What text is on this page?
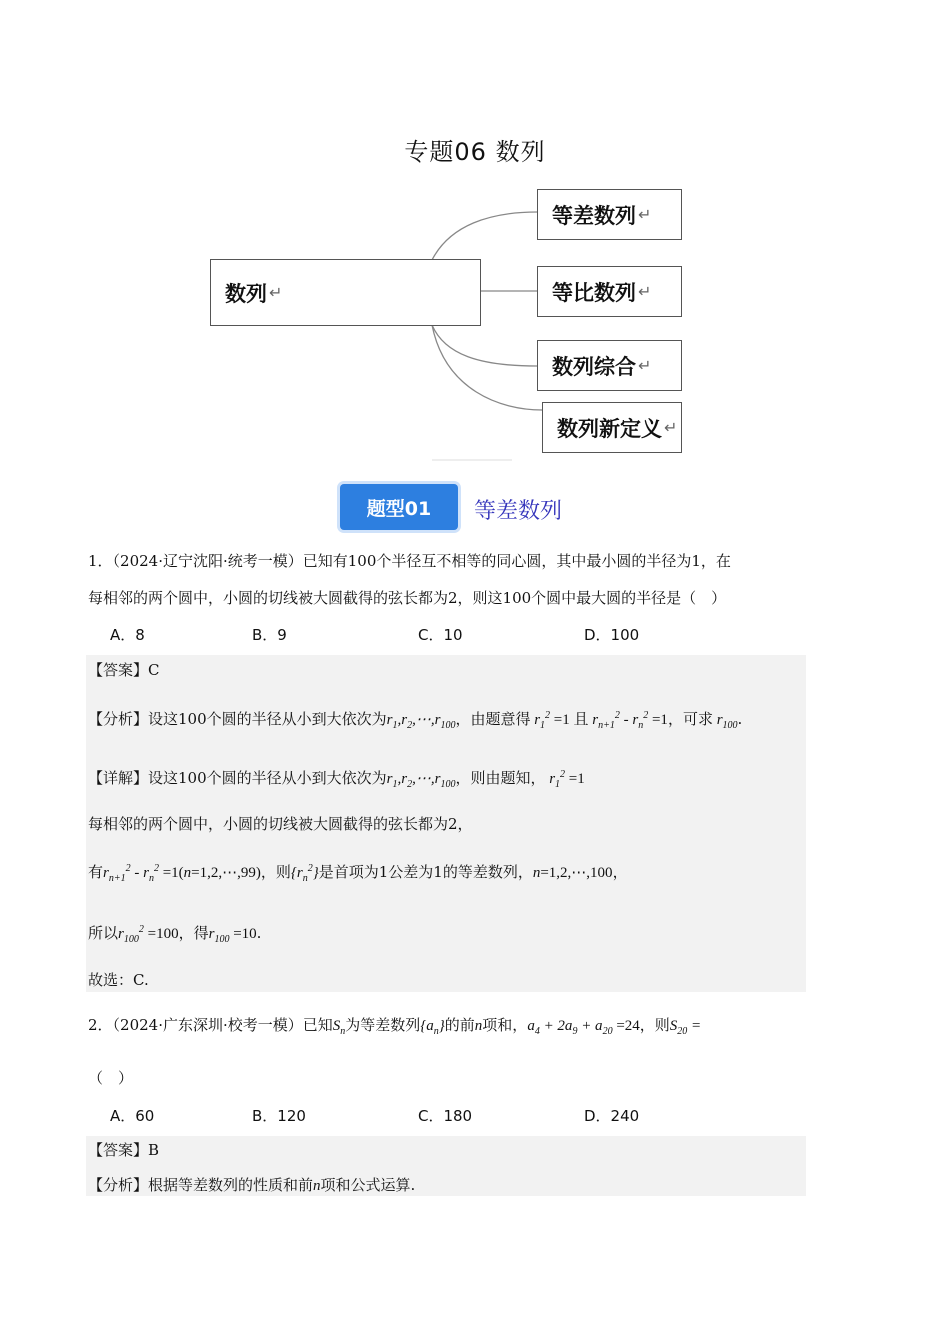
专题06 数列
数列 ↵
等差数列 ↵
等比数列 ↵
数列综合 ↵
数列新定义 ↵
题型01	等差数列
1．（2024·辽宁沈阳·统考一模）已知有100个半径互不相等的同心圆，其中最小圆的半径为1，在
每相邻的两个圆中，小圆的切线被大圆截得的弦长都为2，则这100个圆中最大圆的半径是（　）
A．8	B．9	C．10	D．100
【答案】C
【分析】设这100个圆的半径从小到大依次为$r_1,r_2,\cdots,r_{100}$，由题意得 $r_1^2 =1$ 且 $r_{n+1}^2 - r_n^2 =1$，可求 $r_{100}$.
【详解】设这100个圆的半径从小到大依次为$r_1,r_2,\cdots,r_{100}$，则由题知， $r_1^2 =1$
每相邻的两个圆中，小圆的切线被大圆截得的弦长都为2，
有$r_{n+1}^2 - r_n^2$ =1(n=1,2,⋯,99)，则$\{r_n^2\}$是首项为1公差为1的等差数列，n=1,2,⋯,100，
所以$r_{100}^2 =100$，得$r_{100} =10$.
故选：C.
2．（2024·广东深圳·校考一模）已知$S_n$为等差数列$\{a_n\}$的前n项和，$a_4 + 2a_9 + a_{20} =24$，则$S_{20}$ =
（　）
A．60	B．120	C．180	D．240
【答案】B
【分析】根据等差数列的性质和前n项和公式运算.
